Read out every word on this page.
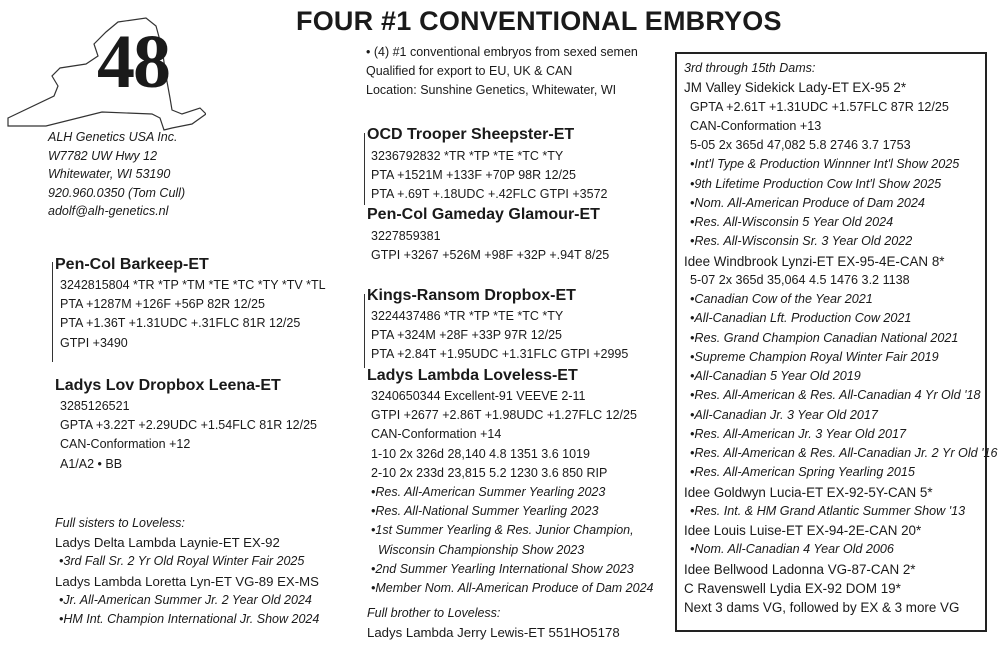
FOUR #1 CONVENTIONAL EMBRYOS
48
ALH Genetics USA Inc.
W7782 UW Hwy 12
Whitewater, WI 53190
920.960.0350 (Tom Cull)
adolf@alh-genetics.nl
• (4) #1 conventional embryos from sexed semen
Qualified for export to EU, UK & CAN
Location: Sunshine Genetics, Whitewater, WI
Pen-Col Barkeep-ET
3242815804 *TR *TP *TM *TE *TC *TY *TV *TL
PTA +1287M +126F +56P 82R 12/25
PTA +1.36T +1.31UDC +.31FLC 81R 12/25
GTPI +3490
Ladys Lov Dropbox Leena-ET
3285126521
GPTA +3.22T +2.29UDC +1.54FLC 81R 12/25
CAN-Conformation +12
A1/A2 • BB
Full sisters to Loveless:
Ladys Delta Lambda Laynie-ET EX-92
•3rd Fall Sr. 2 Yr Old Royal Winter Fair 2025
Ladys Lambda Loretta Lyn-ET VG-89 EX-MS
•Jr. All-American Summer Jr. 2 Year Old 2024
•HM Int. Champion International Jr. Show 2024
OCD Trooper Sheepster-ET
3236792832 *TR *TP *TE *TC *TY
PTA +1521M +133F +70P 98R 12/25
PTA +.69T +.18UDC +.42FLC GTPI +3572
Pen-Col Gameday Glamour-ET
3227859381
GTPI +3267 +526M +98F +32P +.94T 8/25
Kings-Ransom Dropbox-ET
3224437486 *TR *TP *TE *TC *TY
PTA +324M +28F +33P 97R 12/25
PTA +2.84T +1.95UDC +1.31FLC GTPI +2995
Ladys Lambda Loveless-ET
3240650344 Excellent-91 VEEVE 2-11
GTPI +2677 +2.86T +1.98UDC +1.27FLC 12/25
CAN-Conformation +14
1-10 2x 326d 28,140 4.8 1351 3.6 1019
2-10 2x 233d 23,815 5.2 1230 3.6 850 RIP
•Res. All-American Summer Yearling 2023
•Res. All-National Summer Yearling 2023
•1st Summer Yearling & Res. Junior Champion,
Wisconsin Championship Show 2023
•2nd Summer Yearling International Show 2023
•Member Nom. All-American Produce of Dam 2024
Full brother to Loveless:
Ladys Lambda Jerry Lewis-ET 551HO5178
3rd through 15th Dams:
JM Valley Sidekick Lady-ET EX-95 2*
GPTA +2.61T +1.31UDC +1.57FLC 87R 12/25
CAN-Conformation +13
5-05 2x 365d 47,082 5.8 2746 3.7 1753
•Int'l Type & Production Winnner Int'l Show 2025
•9th Lifetime Production Cow Int'l Show 2025
•Nom. All-American Produce of Dam 2024
•Res. All-Wisconsin 5 Year Old 2024
•Res. All-Wisconsin Sr. 3 Year Old 2022
Idee Windbrook Lynzi-ET EX-95-4E-CAN 8*
5-07 2x 365d 35,064 4.5 1476 3.2 1138
•Canadian Cow of the Year 2021
•All-Canadian Lft. Production Cow 2021
•Res. Grand Champion Canadian National 2021
•Supreme Champion Royal Winter Fair 2019
•All-Canadian 5 Year Old 2019
•Res. All-American & Res. All-Canadian 4 Yr Old '18
•All-Canadian Jr. 3 Year Old 2017
•Res. All-American Jr. 3 Year Old 2017
•Res. All-American & Res. All-Canadian Jr. 2 Yr Old '16
•Res. All-American Spring Yearling 2015
Idee Goldwyn Lucia-ET EX-92-5Y-CAN 5*
•Res. Int. & HM Grand Atlantic Summer Show '13
Idee Louis Luise-ET EX-94-2E-CAN 20*
•Nom. All-Canadian 4 Year Old 2006
Idee Bellwood Ladonna VG-87-CAN 2*
C Ravenswell Lydia EX-92 DOM 19*
Next 3 dams VG, followed by EX & 3 more VG
